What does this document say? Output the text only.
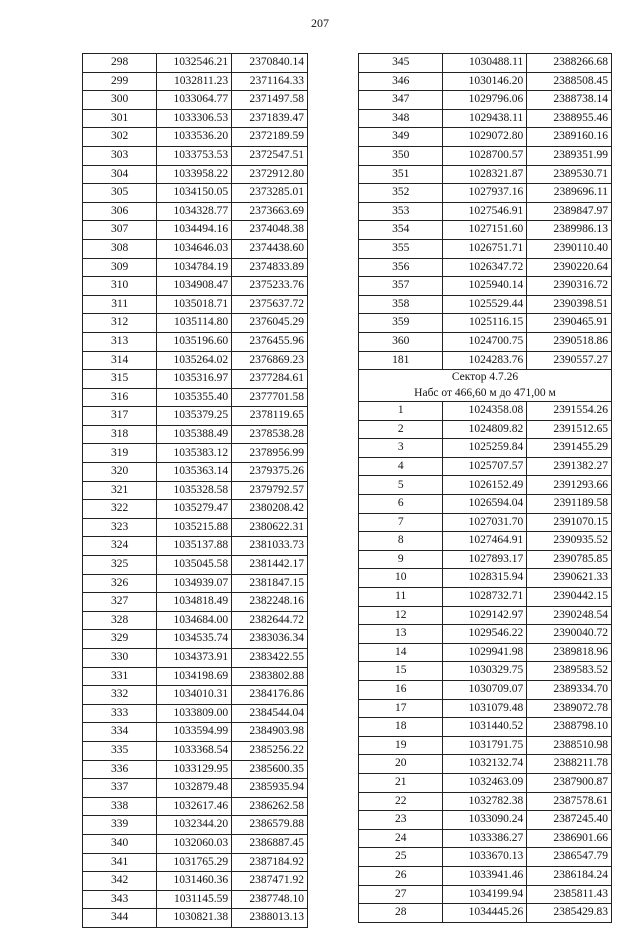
207
298	1032546.21	2370840.14
299	1032811.23	2371164.33
300	1033064.77	2371497.58
301	1033306.53	2371839.47
302	1033536.20	2372189.59
303	1033753.53	2372547.51
304	1033958.22	2372912.80
305	1034150.05	2373285.01
306	1034328.77	2373663.69
307	1034494.16	2374048.38
308	1034646.03	2374438.60
309	1034784.19	2374833.89
310	1034908.47	2375233.76
311	1035018.71	2375637.72
312	1035114.80	2376045.29
313	1035196.60	2376455.96
314	1035264.02	2376869.23
315	1035316.97	2377284.61
316	1035355.40	2377701.58
317	1035379.25	2378119.65
318	1035388.49	2378538.28
319	1035383.12	2378956.99
320	1035363.14	2379375.26
321	1035328.58	2379792.57
322	1035279.47	2380208.42
323	1035215.88	2380622.31
324	1035137.88	2381033.73
325	1035045.58	2381442.17
326	1034939.07	2381847.15
327	1034818.49	2382248.16
328	1034684.00	2382644.72
329	1034535.74	2383036.34
330	1034373.91	2383422.55
331	1034198.69	2383802.88
332	1034010.31	2384176.86
333	1033809.00	2384544.04
334	1033594.99	2384903.98
335	1033368.54	2385256.22
336	1033129.95	2385600.35
337	1032879.48	2385935.94
338	1032617.46	2386262.58
339	1032344.20	2386579.88
340	1032060.03	2386887.45
341	1031765.29	2387184.92
342	1031460.36	2387471.92
343	1031145.59	2387748.10
344	1030821.38	2388013.13
345	1030488.11	2388266.68
346	1030146.20	2388508.45
347	1029796.06	2388738.14
348	1029438.11	2388955.46
349	1029072.80	2389160.16
350	1028700.57	2389351.99
351	1028321.87	2389530.71
352	1027937.16	2389696.11
353	1027546.91	2389847.97
354	1027151.60	2389986.13
355	1026751.71	2390110.40
356	1026347.72	2390220.64
357	1025940.14	2390316.72
358	1025529.44	2390398.51
359	1025116.15	2390465.91
360	1024700.75	2390518.86
181	1024283.76	2390557.27
Сектор 4.7.26		
Набс от 466,60 м до 471,00 м		
1	1024358.08	2391554.26
2	1024809.82	2391512.65
3	1025259.84	2391455.29
4	1025707.57	2391382.27
5	1026152.49	2391293.66
6	1026594.04	2391189.58
7	1027031.70	2391070.15
8	1027464.91	2390935.52
9	1027893.17	2390785.85
10	1028315.94	2390621.33
11	1028732.71	2390442.15
12	1029142.97	2390248.54
13	1029546.22	2390040.72
14	1029941.98	2389818.96
15	1030329.75	2389583.52
16	1030709.07	2389334.70
17	1031079.48	2389072.78
18	1031440.52	2388798.10
19	1031791.75	2388510.98
20	1032132.74	2388211.78
21	1032463.09	2387900.87
22	1032782.38	2387578.61
23	1033090.24	2387245.40
24	1033386.27	2386901.66
25	1033670.13	2386547.79
26	1033941.46	2386184.24
27	1034199.94	2385811.43
28	1034445.26	2385429.83
